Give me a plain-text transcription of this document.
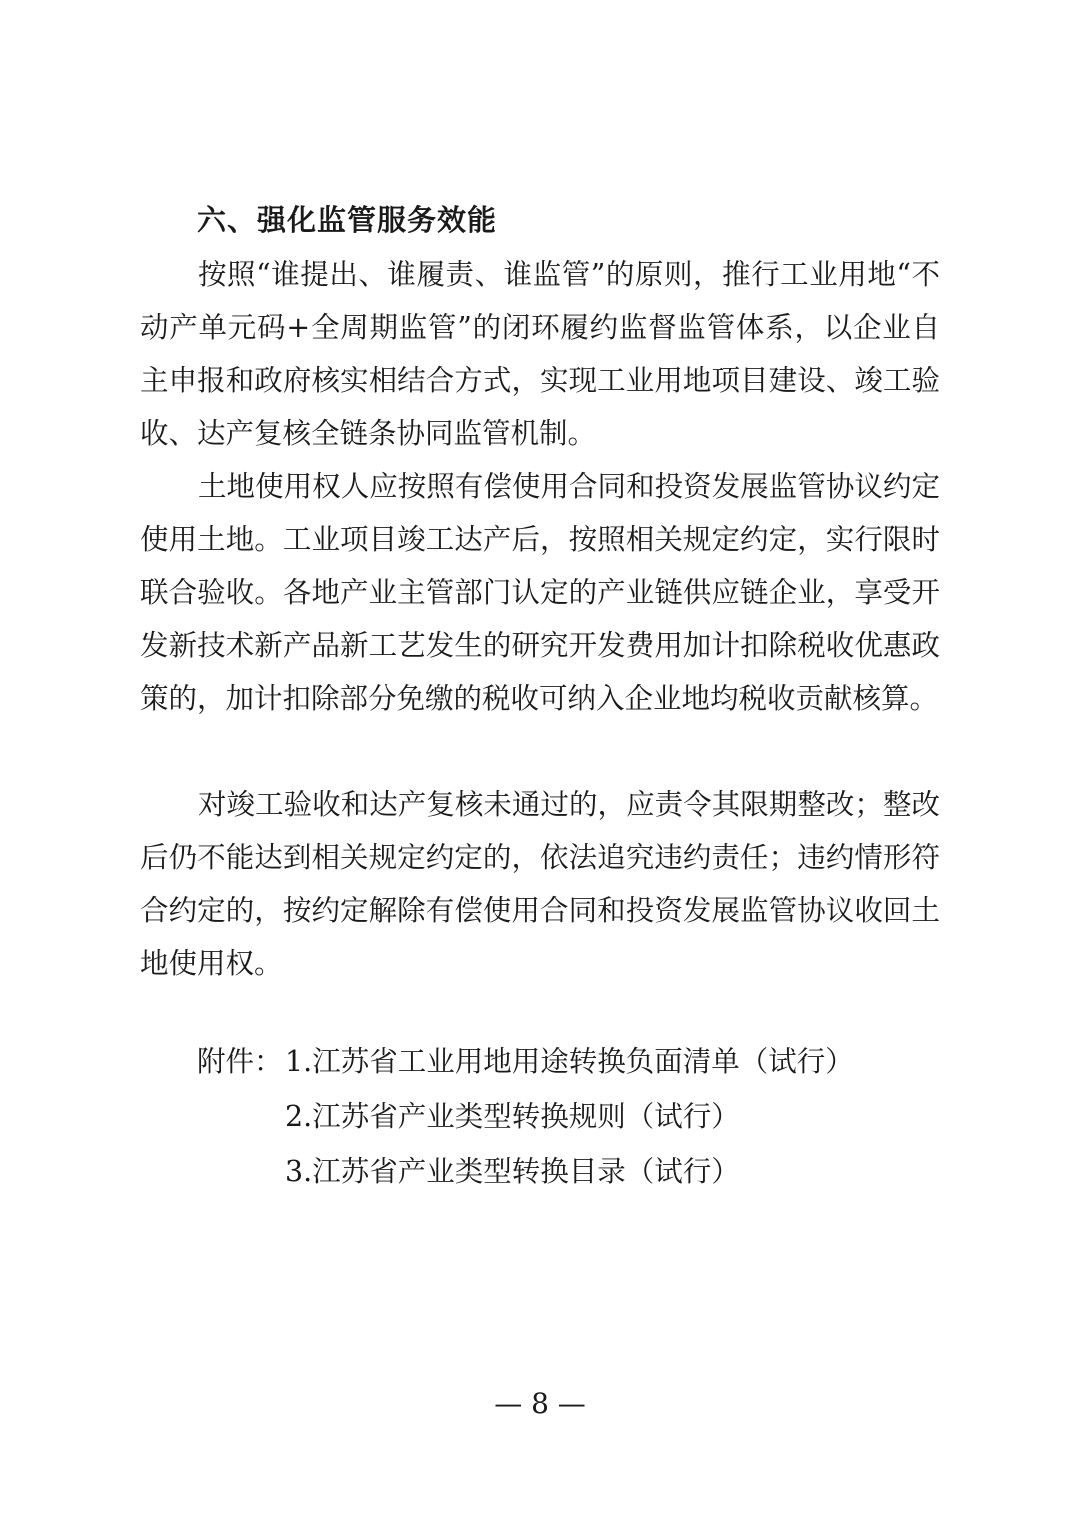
六、强化监管服务效能

按照“谁提出、谁履责、谁监管”的原则，推行工业用地“不动产单元码+全周期监管”的闭环履约监督监管体系，以企业自主申报和政府核实相结合方式，实现工业用地项目建设、竣工验收、达产复核全链条协同监管机制。

土地使用权人应按照有偿使用合同和投资发展监管协议约定使用土地。工业项目竣工达产后，按照相关规定约定，实行限时联合验收。各地产业主管部门认定的产业链供应链企业，享受开发新技术新产品新工艺发生的研究开发费用加计扣除税收优惠政策的，加计扣除部分免缴的税收可纳入企业地均税收贡献核算。

对竣工验收和达产复核未通过的，应责令其限期整改；整改后仍不能达到相关规定约定的，依法追究违约责任；违约情形符合约定的，按约定解除有偿使用合同和投资发展监管协议收回土地使用权。

附件： 1.江苏省工业用地用途转换负面清单（试行）
2.江苏省产业类型转换规则（试行）
3.江苏省产业类型转换目录（试行）
— 8 —
